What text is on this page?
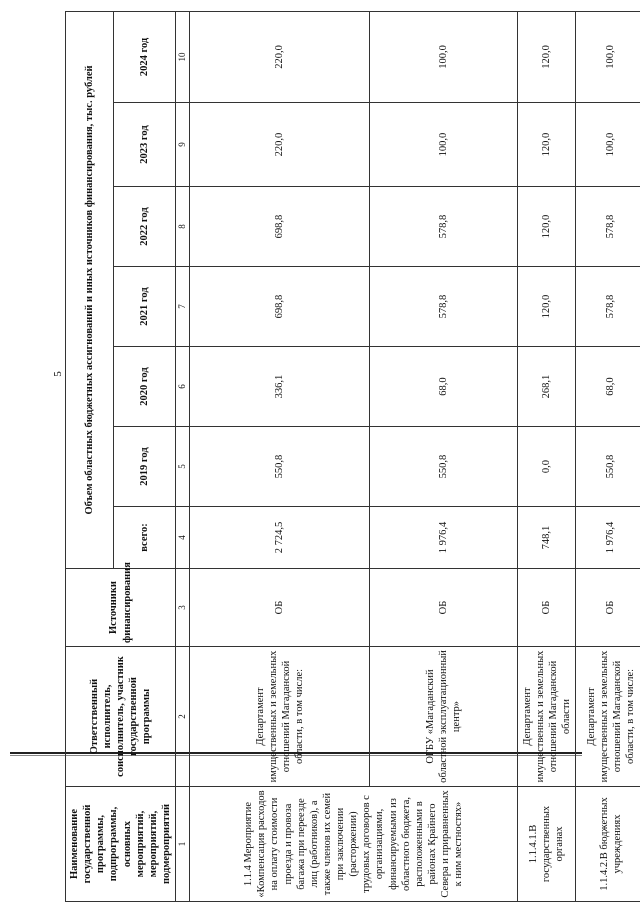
5
Наименование государственной программы, подпрограммы, основных мероприятий, мероприятий, подмероприятий	Ответственный исполнитель, соисполнитель, участник государственной программы	Источники финансирования	Объем областных бюджетных ассигнований и иных источников финансирования, тыс. рублей						
			всего:	2019 год	2020 год	2021 год	2022 год	2023 год	2024 год
1	2	3	4	5	6	7	8	9	10
1.1.4 Мероприятие «Компенсация расходов на оплату стоимости проезда и провоза багажа при переезде лиц (работников), а также членов их семей при заключении (расторжении) трудовых договоров с организациями, финансируемыми из областного бюджета, расположенными в районах Крайнего Севера и приравненных к ним местностях»	Департамент имущественных и земельных отношений Магаданской области, в том числе:	ОБ	2 724,5	550,8	336,1	698,8	698,8	220,0	220,0
	ОГБУ «Магаданский областной эксплуатационный центр»	ОБ	1 976,4	550,8	68,0	578,8	578,8	100,0	100,0
1.1.4.1.В государственных органах	Департамент имущественных и земельных отношений Магаданской области	ОБ	748,1	0,0	268,1	120,0	120,0	120,0	120,0
1.1.4.2.В бюджетных учреждениях	Департамент имущественных и земельных отношений Магаданской области, в том числе:	ОБ	1 976,4	550,8	68,0	578,8	578,8	100,0	100,0
